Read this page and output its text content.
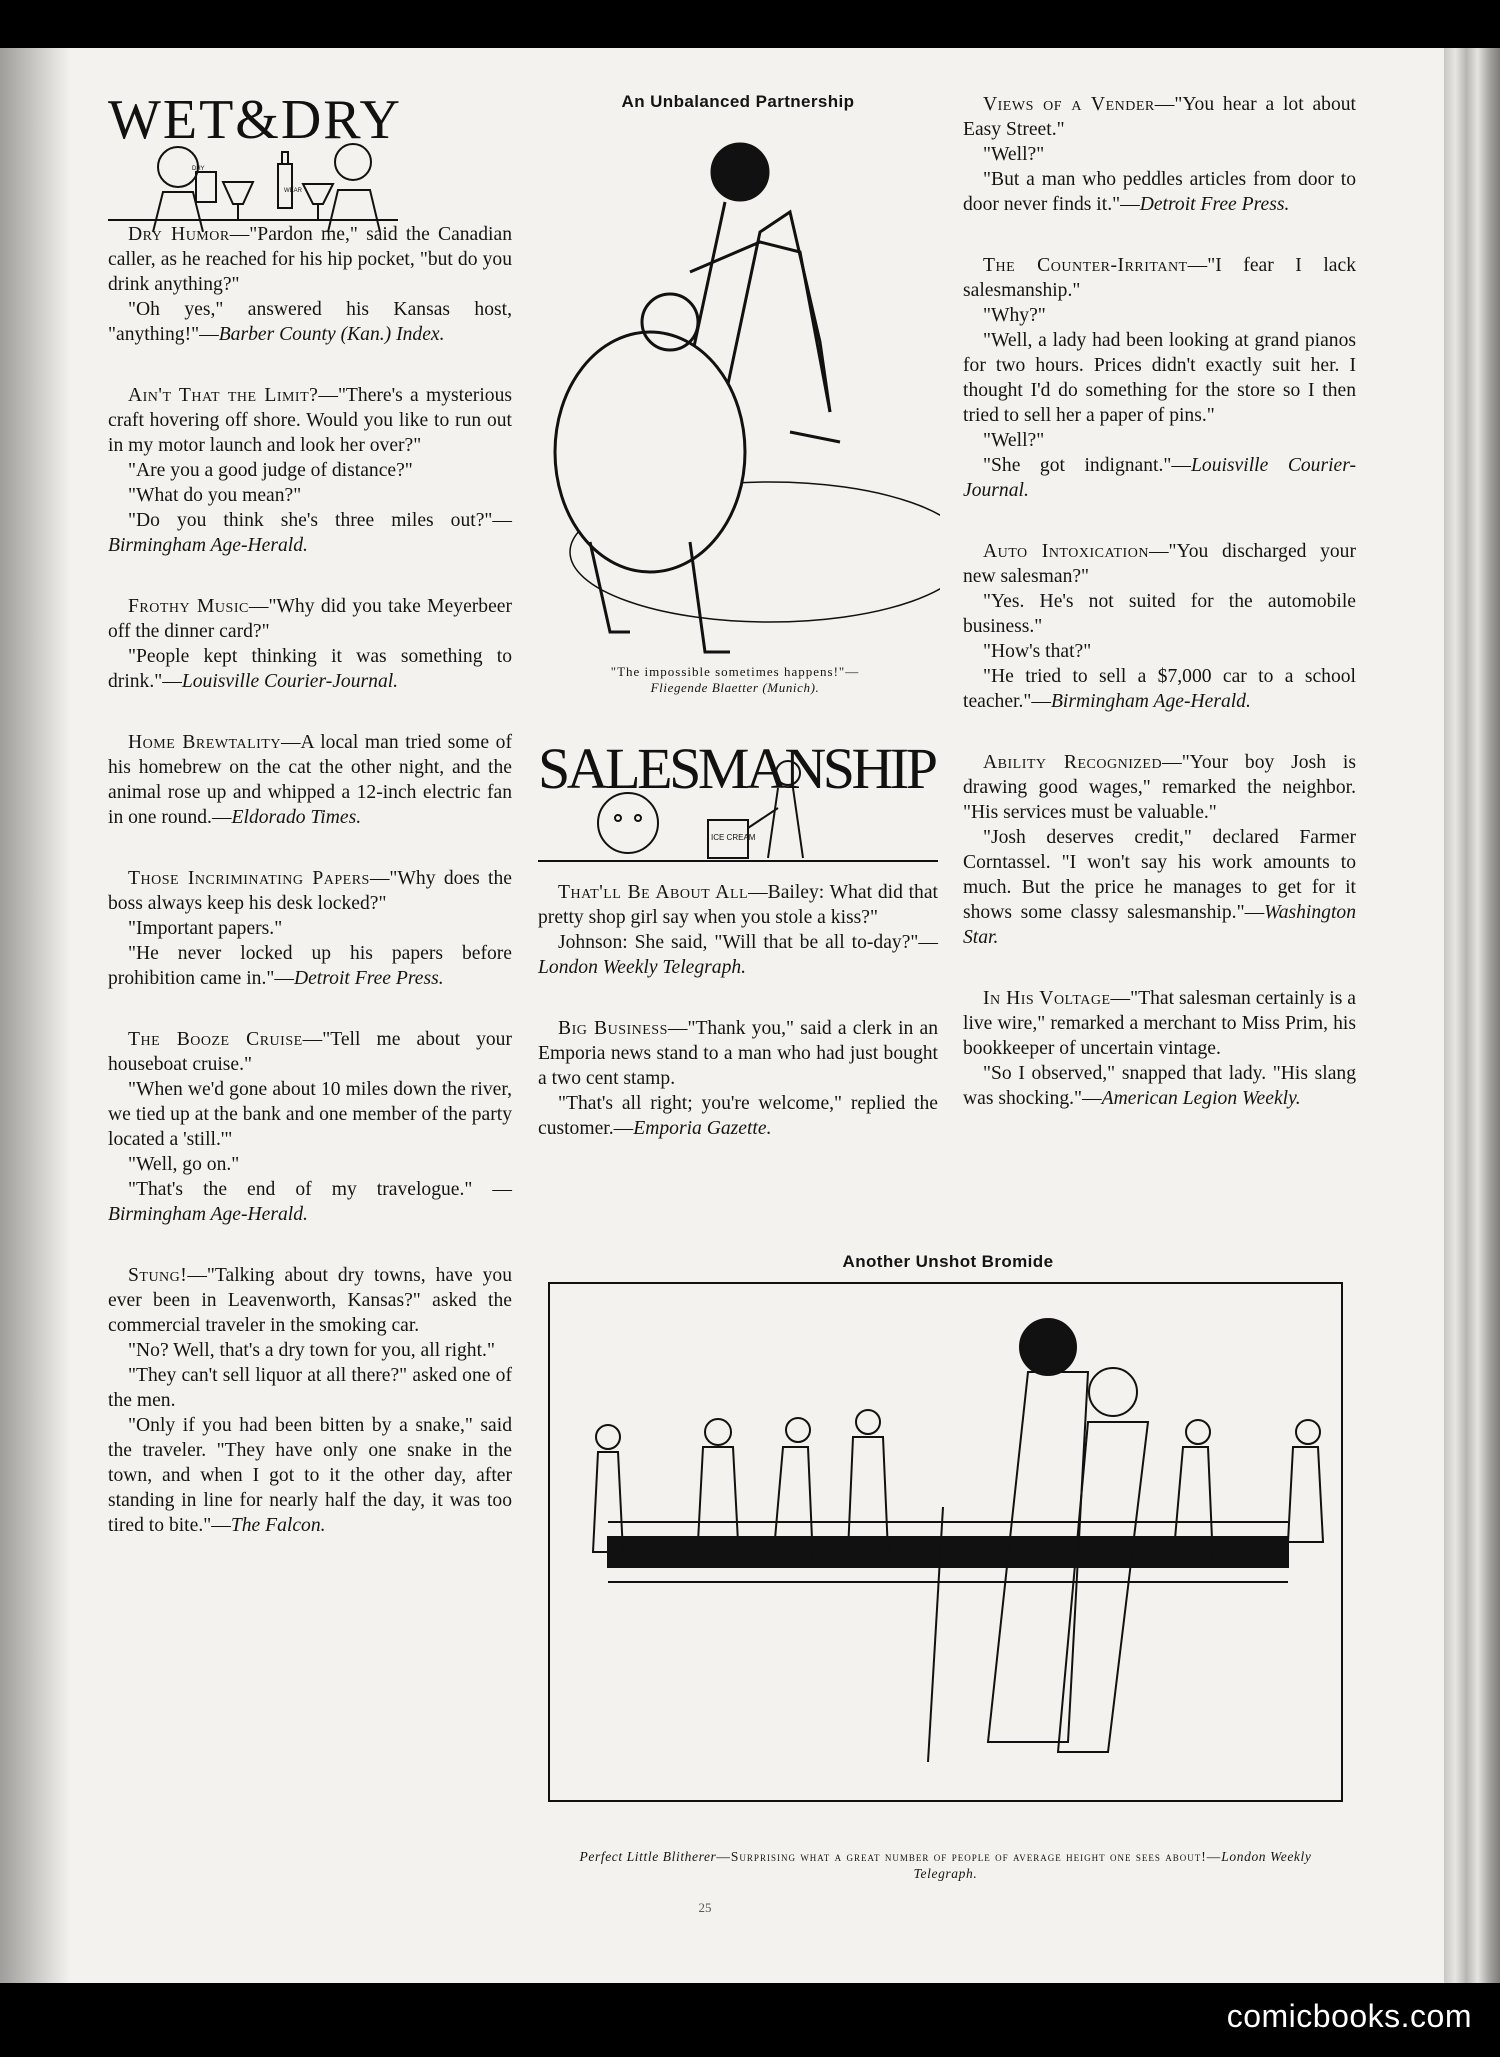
WET&DRY
WEAR
DRY

Dry Humor—"Pardon me," said the Canadian caller, as he reached for his hip pocket, "but do you drink anything?"
"Oh yes," answered his Kansas host, "anything!"—Barber County (Kan.) Index.

Ain't That the Limit?—"There's a mysterious craft hovering off shore. Would you like to run out in my motor launch and look her over?"
"Are you a good judge of distance?"
"What do you mean?"
"Do you think she's three miles out?"—Birmingham Age-Herald.

Frothy Music—"Why did you take Meyerbeer off the dinner card?"
"People kept thinking it was something to drink."—Louisville Courier-Journal.

Home Brewtality—A local man tried some of his homebrew on the cat the other night, and the animal rose up and whipped a 12-inch electric fan in one round.—Eldorado Times.

Those Incriminating Papers—"Why does the boss always keep his desk locked?"
"Important papers."
"He never locked up his papers before prohibition came in."—Detroit Free Press.

The Booze Cruise—"Tell me about your houseboat cruise."
"When we'd gone about 10 miles down the river, we tied up at the bank and one member of the party located a 'still.'"
"Well, go on."
"That's the end of my travelogue." —Birmingham Age-Herald.

Stung!—"Talking about dry towns, have you ever been in Leavenworth, Kansas?" asked the commercial traveler in the smoking car.
"No? Well, that's a dry town for you, all right."
"They can't sell liquor at all there?" asked one of the men.
"Only if you had been bitten by a snake," said the traveler. "They have only one snake in the town, and when I got to it the other day, after standing in line for nearly half the day, it was too tired to bite."—The Falcon.

An Unbalanced Partnership
"The impossible sometimes happens!"—
Fliegende Blaetter (Munich).
SALESMANSHIP
ICE CREAM

That'll Be About All—Bailey: What did that pretty shop girl say when you stole a kiss?"
Johnson: She said, "Will that be all to-day?"—London Weekly Telegraph.

Big Business—"Thank you," said a clerk in an Emporia news stand to a man who had just bought a two cent stamp.
"That's all right; you're welcome," replied the customer.—Emporia Gazette.

Views of a Vender—"You hear a lot about Easy Street."
"Well?"
"But a man who peddles articles from door to door never finds it."—Detroit Free Press.

The Counter-Irritant—"I fear I lack salesmanship."
"Why?"
"Well, a lady had been looking at grand pianos for two hours. Prices didn't exactly suit her. I thought I'd do something for the store so I then tried to sell her a paper of pins."
"Well?"
"She got indignant."—Louisville Courier-Journal.

Auto Intoxication—"You discharged your new salesman?"
"Yes. He's not suited for the automobile business."
"How's that?"
"He tried to sell a $7,000 car to a school teacher."—Birmingham Age-Herald.

Ability Recognized—"Your boy Josh is drawing good wages," remarked the neighbor. "His services must be valuable."
"Josh deserves credit," declared Farmer Corntassel. "I won't say his work amounts to much. But the price he manages to get for it shows some classy salesmanship."—Washington Star.

In His Voltage—"That salesman certainly is a live wire," remarked a merchant to Miss Prim, his bookkeeper of uncertain vintage.
"So I observed," snapped that lady. "His slang was shocking."—American Legion Weekly.

Another Unshot Bromide
Perfect Little Blitherer—Surprising what a great number of people of average height one sees about!—London Weekly Telegraph.
25
comicbooks.com
